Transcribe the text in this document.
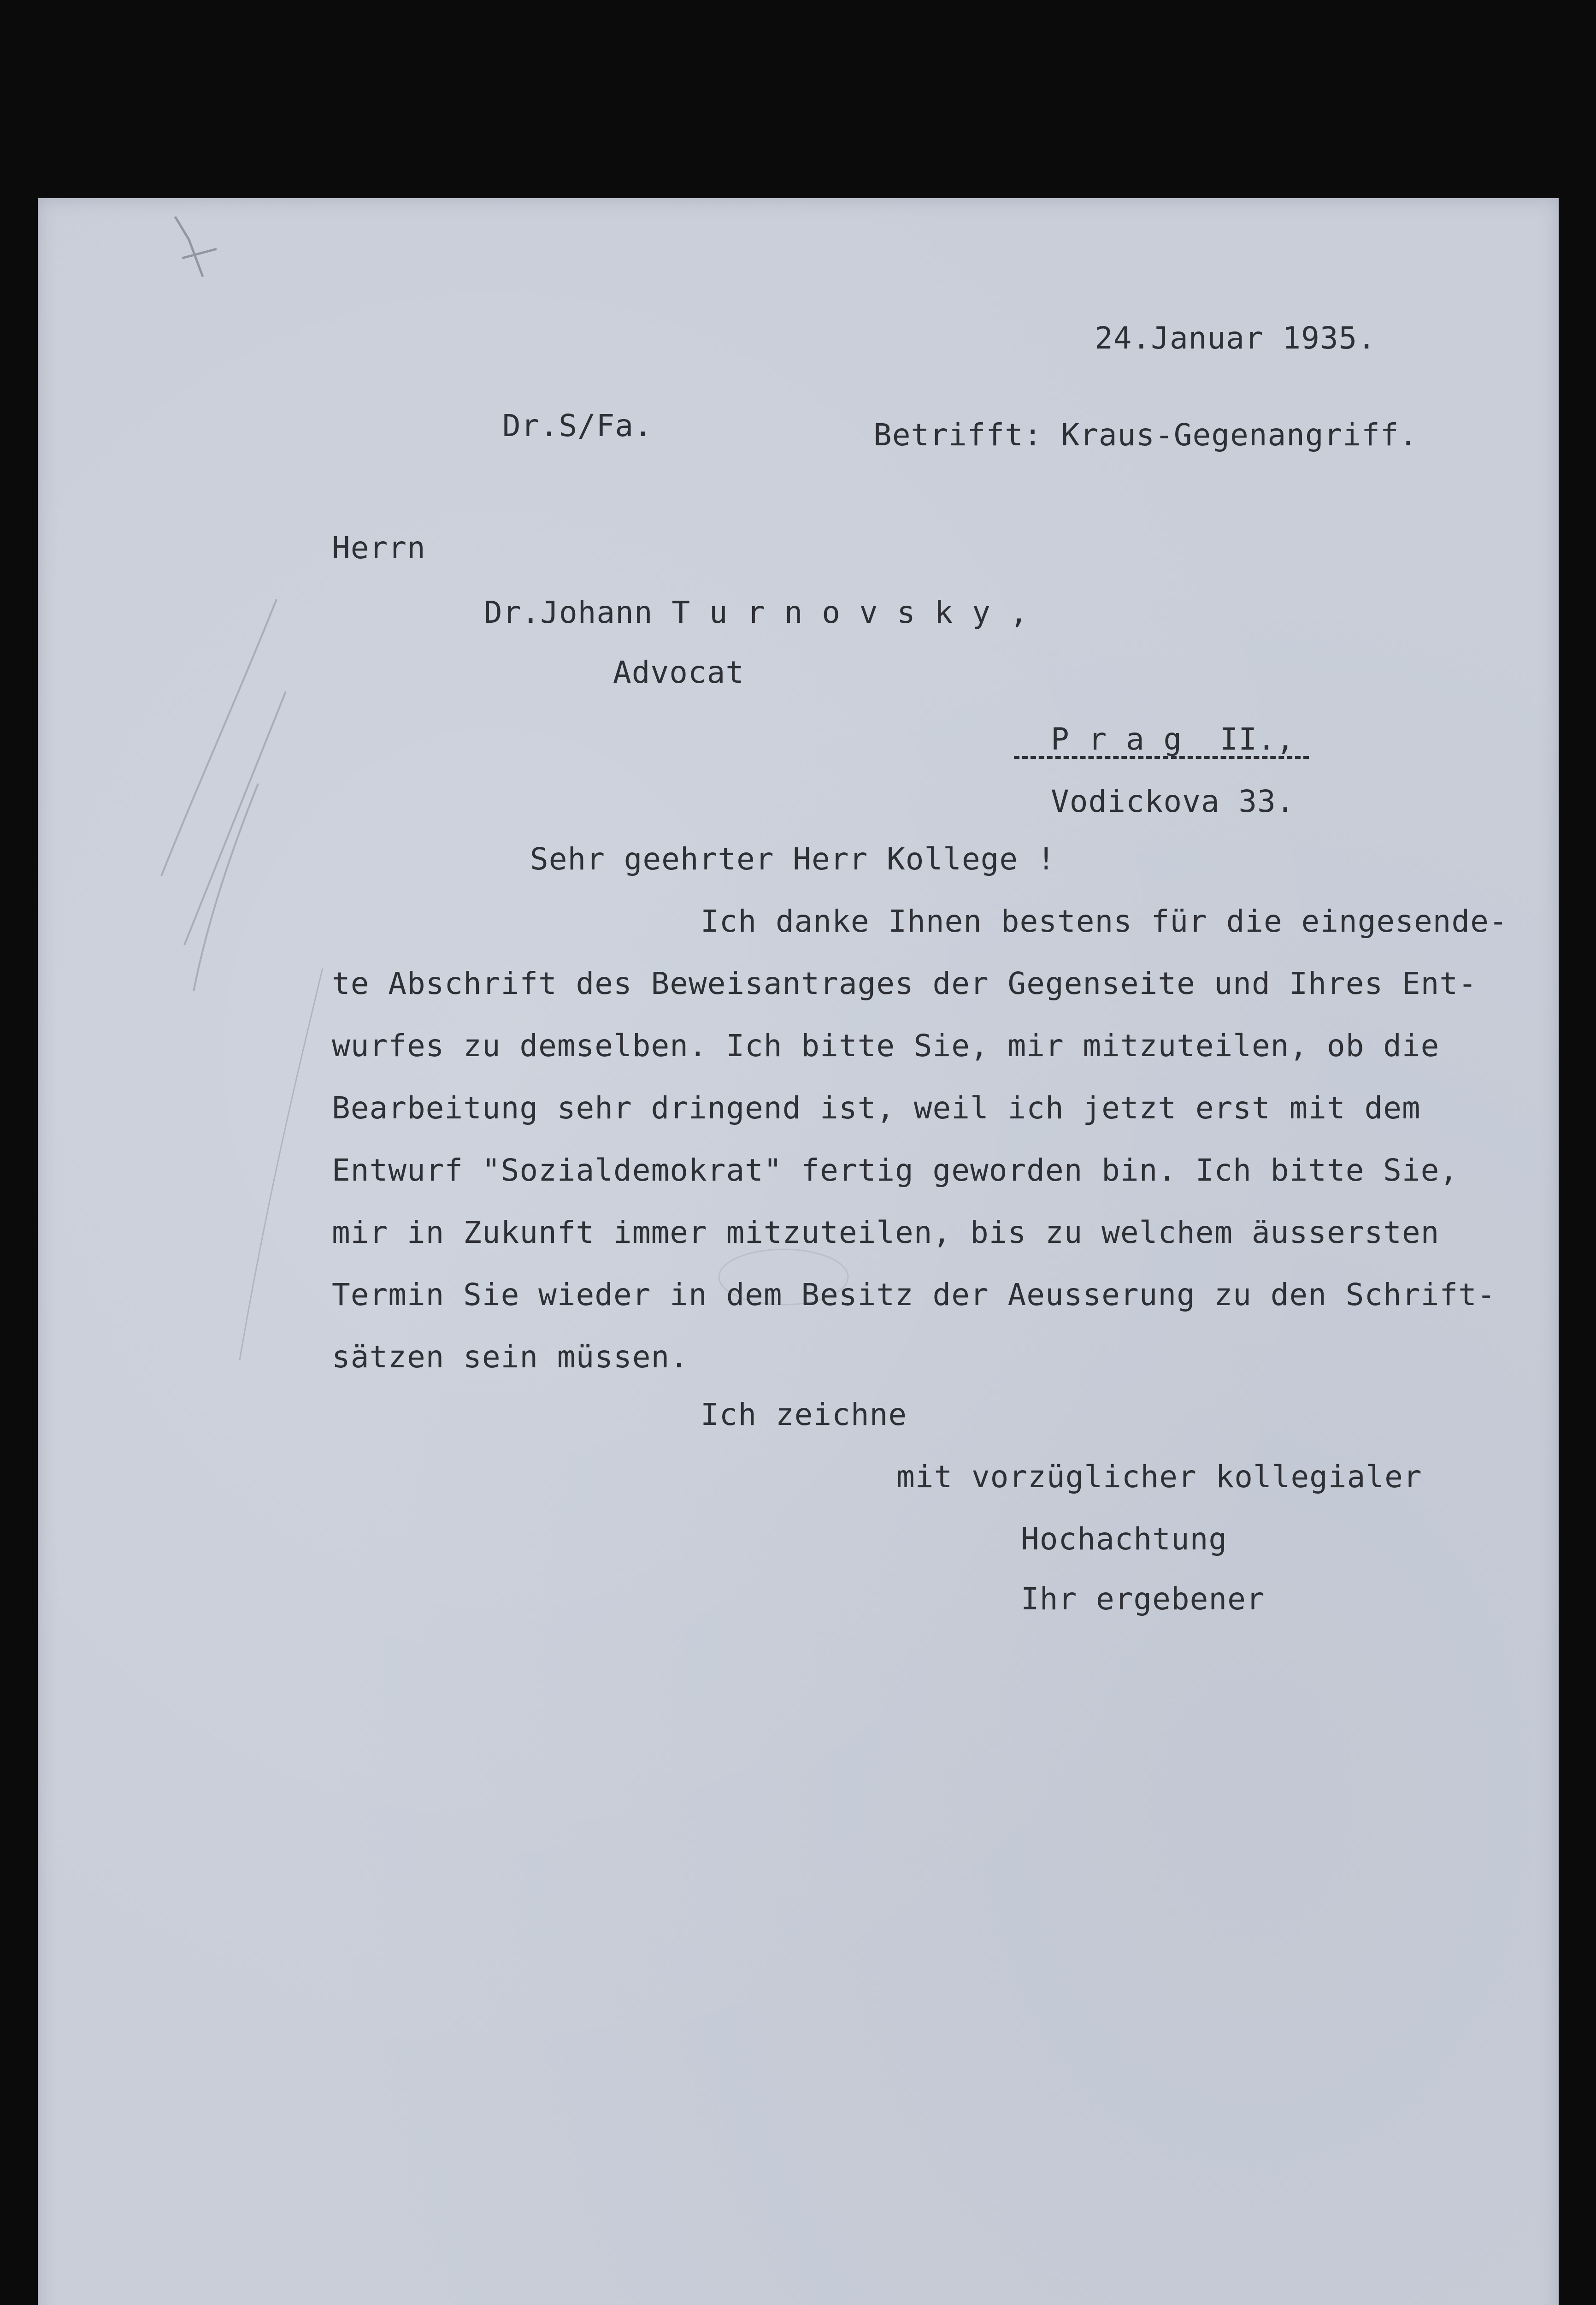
24.Januar 1935.
Dr.S/Fa.	Betrifft: Kraus-Gegenangriff.
Herrn
Dr.Johann T u r n o v s k y ,
Advocat
P r a g  II.,
Vodickova 33.
Sehr geehrter Herr Kollege !
Ich danke Ihnen bestens für die eingesende-
te Abschrift des Beweisantrages der Gegenseite und Ihres Ent-
wurfes zu demselben. Ich bitte Sie, mir mitzuteilen, ob die
Bearbeitung sehr dringend ist, weil ich jetzt erst mit dem
Entwurf "Sozialdemokrat" fertig geworden bin. Ich bitte Sie,
mir in Zukunft immer mitzuteilen, bis zu welchem äussersten
Termin Sie wieder in dem Besitz der Aeusserung zu den Schrift-
sätzen sein müssen.
Ich zeichne
mit vorzüglicher kollegialer
Hochachtung
Ihr ergebener
